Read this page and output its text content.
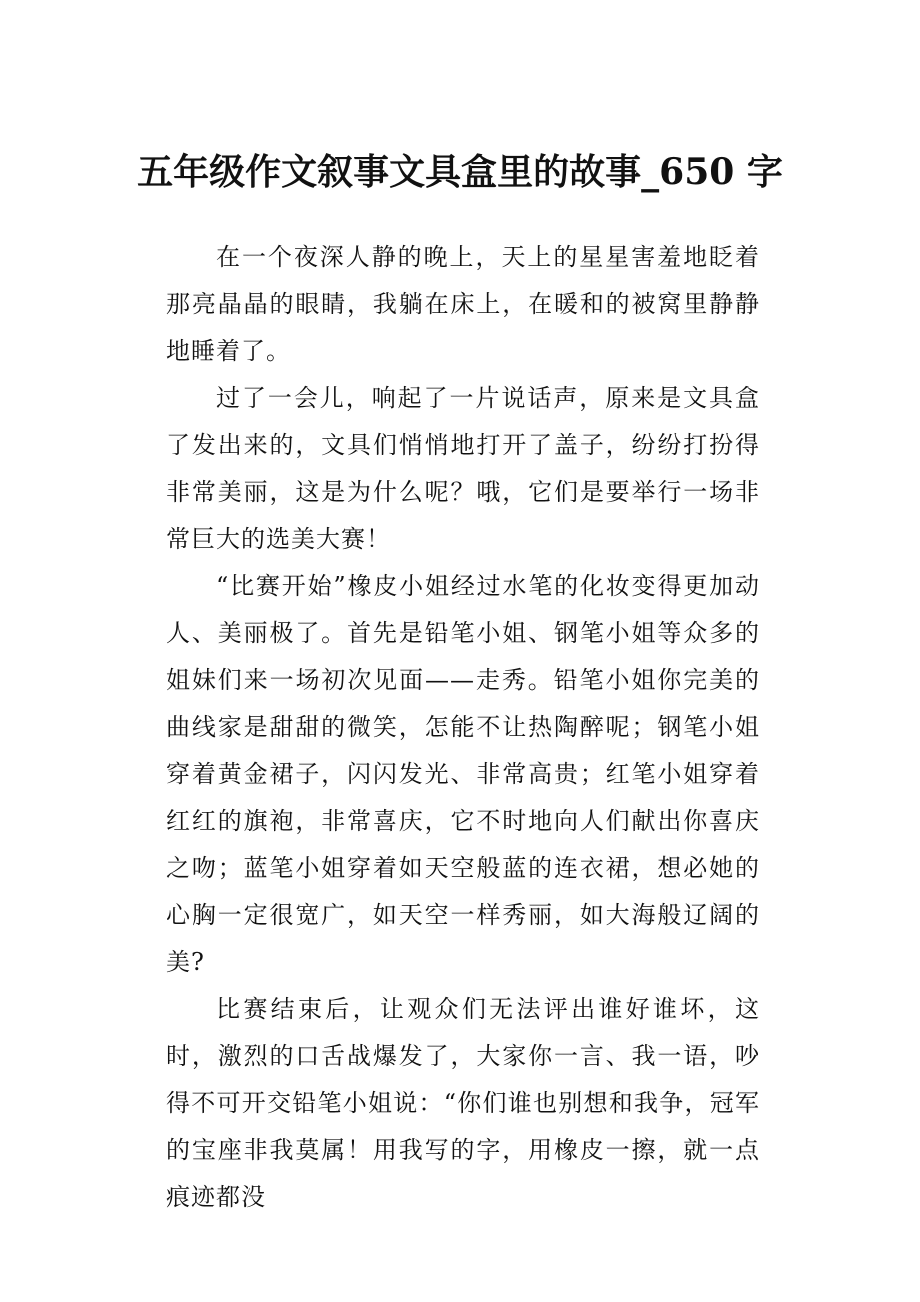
五年级作文叙事文具盒里的故事_650 字

在一个夜深人静的晚上，天上的星星害羞地眨着那亮晶晶的眼睛，我躺在床上，在暖和的被窝里静静地睡着了。

过了一会儿，响起了一片说话声，原来是文具盒了发出来的，文具们悄悄地打开了盖子，纷纷打扮得非常美丽，这是为什么呢？哦，它们是要举行一场非常巨大的选美大赛！

“比赛开始”橡皮小姐经过水笔的化妆变得更加动人、美丽极了。首先是铅笔小姐、钢笔小姐等众多的姐妹们来一场初次见面——走秀。铅笔小姐你完美的曲线家是甜甜的微笑，怎能不让热陶醉呢；钢笔小姐穿着黄金裙子，闪闪发光、非常高贵；红笔小姐穿着红红的旗袍，非常喜庆，它不时地向人们献出你喜庆之吻；蓝笔小姐穿着如天空般蓝的连衣裙，想必她的心胸一定很宽广，如天空一样秀丽，如大海般辽阔的美?

比赛结束后，让观众们无法评出谁好谁坏，这时，激烈的口舌战爆发了，大家你一言、我一语，吵得不可开交铅笔小姐说：“你们谁也别想和我争，冠军的宝座非我莫属！用我写的字，用橡皮一擦，就一点痕迹都没
